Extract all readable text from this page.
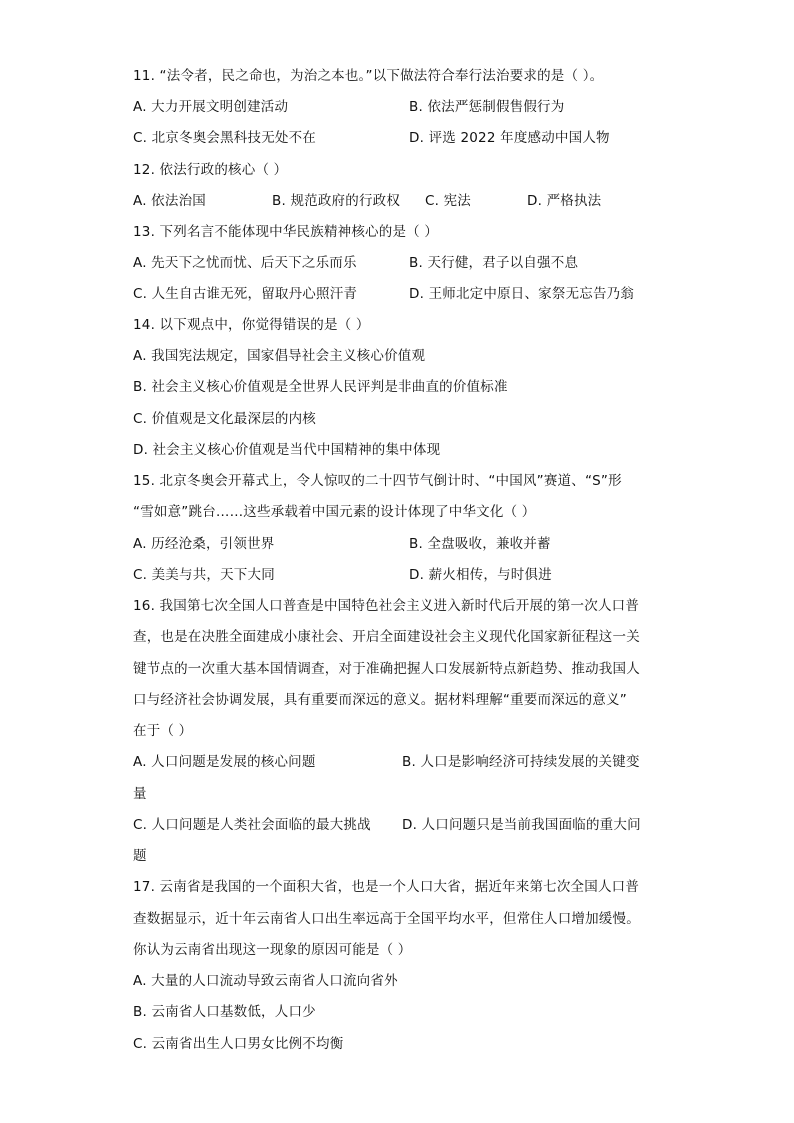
11. “法令者，民之命也，为治之本也。”以下做法符合奉行法治要求的是（ ）。
A. 大力开展文明创建活动	B. 依法严惩制假售假行为
C. 北京冬奥会黑科技无处不在	D. 评选 2022 年度感动中国人物
12. 依法行政的核心（ ）
A. 依法治国	B. 规范政府的行政权 C. 宪法	D. 严格执法
13. 下列名言不能体现中华民族精神核心的是（ ）
A. 先天下之忧而忧、后天下之乐而乐	B. 天行健，君子以自强不息
C. 人生自古谁无死，留取丹心照汗青	D. 王师北定中原日、家祭无忘告乃翁
14. 以下观点中，你觉得错误的是（ ）
A. 我国宪法规定，国家倡导社会主义核心价值观
B. 社会主义核心价值观是全世界人民评判是非曲直的价值标准
C. 价值观是文化最深层的内核
D. 社会主义核心价值观是当代中国精神的集中体现
15. 北京冬奥会开幕式上，令人惊叹的二十四节气倒计时、“中国风”赛道、“S”形
“雪如意”跳台……这些承载着中国元素的设计体现了中华文化（ ）
A. 历经沧桑，引领世界	B. 全盘吸收，兼收并蓄
C. 美美与共，天下大同	D. 薪火相传，与时俱进
16. 我国第七次全国人口普查是中国特色社会主义进入新时代后开展的第一次人口普
查，也是在决胜全面建成小康社会、开启全面建设社会主义现代化国家新征程这一关
键节点的一次重大基本国情调查，对于准确把握人口发展新特点新趋势、推动我国人
口与经济社会协调发展，具有重要而深远的意义。据材料理解“重要而深远的意义”
在于（ ）
A. 人口问题是发展的核心问题	B. 人口是影响经济可持续发展的关键变
量
C. 人口问题是人类社会面临的最大挑战 D. 人口问题只是当前我国面临的重大问
题
17. 云南省是我国的一个面积大省，也是一个人口大省，据近年来第七次全国人口普
查数据显示，近十年云南省人口出生率远高于全国平均水平，但常住人口增加缓慢。
你认为云南省出现这一现象的原因可能是（ ）
A. 大量的人口流动导致云南省人口流向省外
B. 云南省人口基数低，人口少
C. 云南省出生人口男女比例不均衡
